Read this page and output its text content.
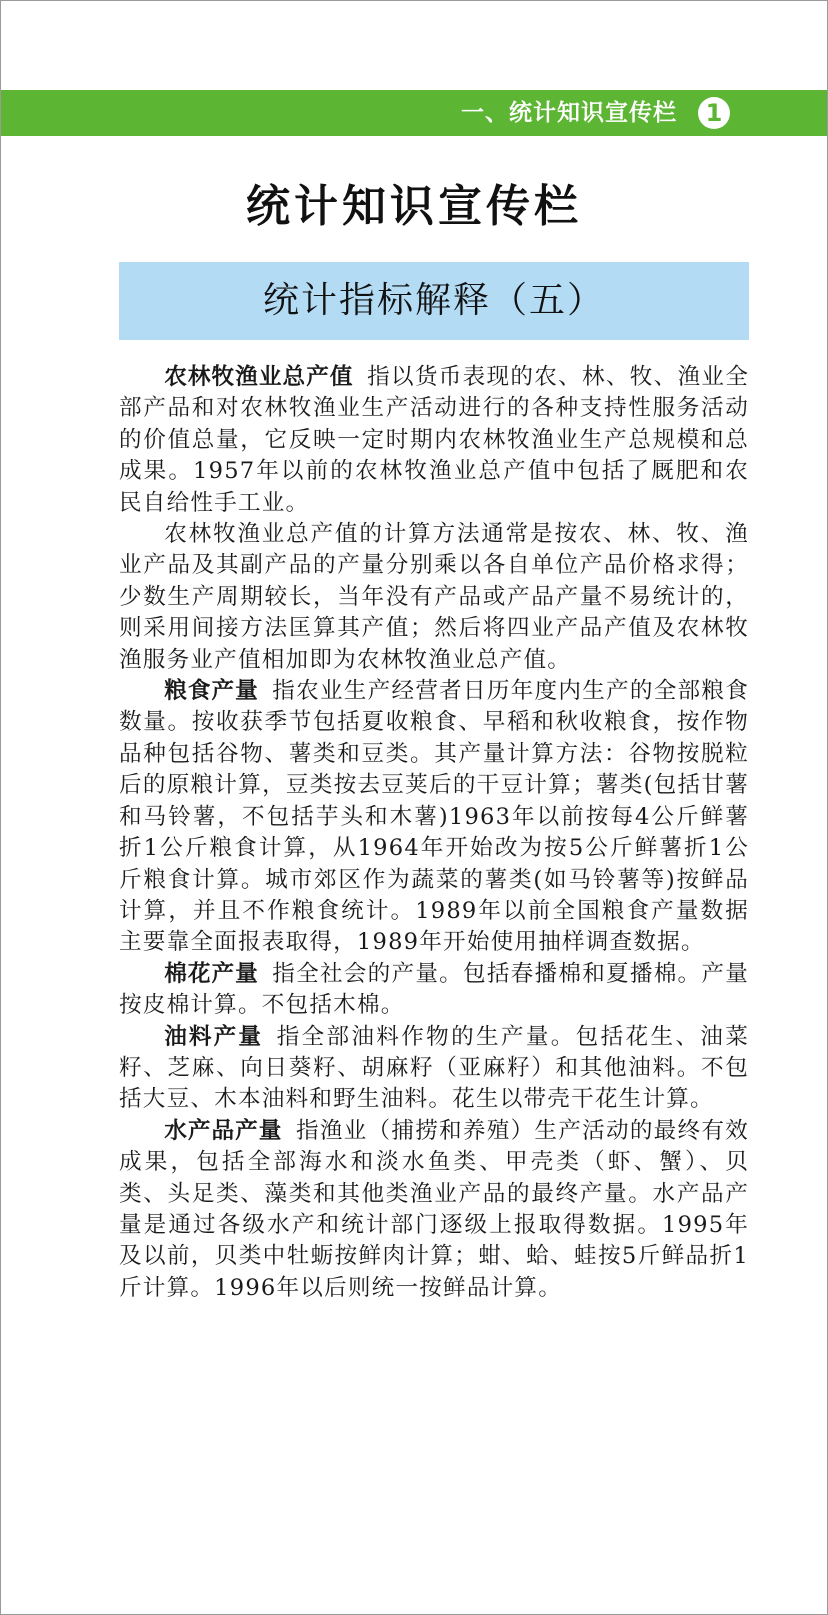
一、统计知识宣传栏	1
统计知识宣传栏
统计指标解释（五）

农林牧渔业总产值 指以货币表现的农、林、牧、渔业全部产品和对农林牧渔业生产活动进行的各种支持性服务活动的价值总量，它反映一定时期内农林牧渔业生产总规模和总成果。1957年以前的农林牧渔业总产值中包括了厩肥和农民自给性手工业。

农林牧渔业总产值的计算方法通常是按农、林、牧、渔业产品及其副产品的产量分别乘以各自单位产品价格求得；少数生产周期较长，当年没有产品或产品产量不易统计的，则采用间接方法匡算其产值；然后将四业产品产值及农林牧渔服务业产值相加即为农林牧渔业总产值。

粮食产量 指农业生产经营者日历年度内生产的全部粮食数量。按收获季节包括夏收粮食、早稻和秋收粮食，按作物品种包括谷物、薯类和豆类。其产量计算方法：谷物按脱粒后的原粮计算，豆类按去豆荚后的干豆计算；薯类(包括甘薯和马铃薯，不包括芋头和木薯)1963年以前按每4公斤鲜薯折1公斤粮食计算，从1964年开始改为按5公斤鲜薯折1公斤粮食计算。城市郊区作为蔬菜的薯类(如马铃薯等)按鲜品计算，并且不作粮食统计。1989年以前全国粮食产量数据主要靠全面报表取得，1989年开始使用抽样调查数据。

棉花产量 指全社会的产量。包括春播棉和夏播棉。产量按皮棉计算。不包括木棉。

油料产量 指全部油料作物的生产量。包括花生、油菜籽、芝麻、向日葵籽、胡麻籽（亚麻籽）和其他油料。不包括大豆、木本油料和野生油料。花生以带壳干花生计算。

水产品产量 指渔业（捕捞和养殖）生产活动的最终有效成果，包括全部海水和淡水鱼类、甲壳类（虾、蟹）、贝类、头足类、藻类和其他类渔业产品的最终产量。水产品产量是通过各级水产和统计部门逐级上报取得数据。1995年及以前，贝类中牡蛎按鲜肉计算；蚶、蛤、蛙按5斤鲜品折1斤计算。1996年以后则统一按鲜品计算。
